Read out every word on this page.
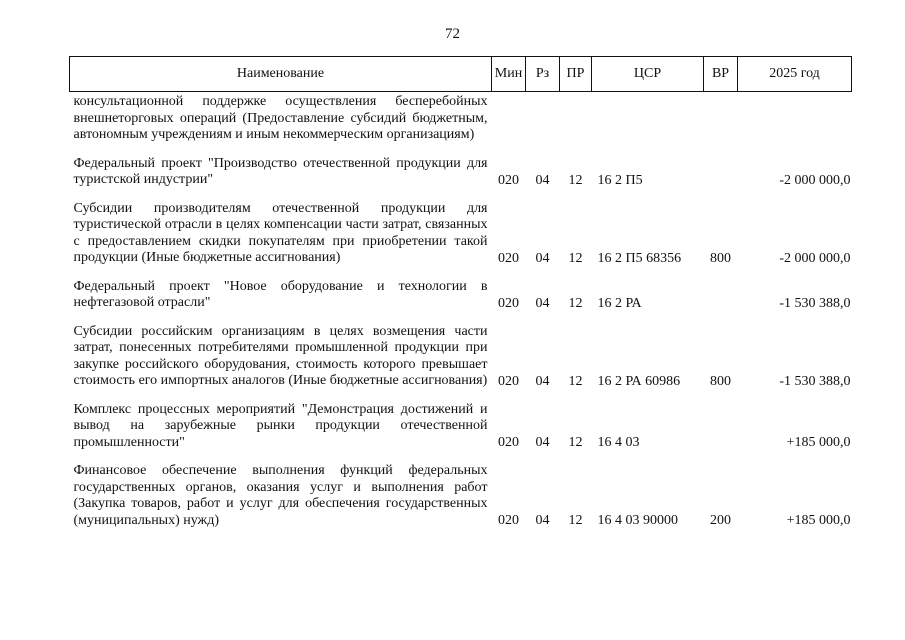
72
Наименование	Мин	Рз	ПР	ЦСР	ВР	2025 год
консультационной поддержке осуществления бесперебойных внешнеторговых операций (Предоставление субсидий бюджетным, автономным учреждениям и иным некоммерческим организациям)						
Федеральный проект "Производство отечественной продукции для туристской индустрии"	020	04	12	16 2 П5		-2 000 000,0
Субсидии производителям отечественной продукции для туристической отрасли в целях компенсации части затрат, связанных с предоставлением скидки покупателям при приобретении такой продукции (Иные бюджетные ассигнования)	020	04	12	16 2 П5 68356	800	-2 000 000,0
Федеральный проект "Новое оборудование и технологии в нефтегазовой отрасли"	020	04	12	16 2 РА		-1 530 388,0
Субсидии российским организациям в целях возмещения части затрат, понесенных потребителями промышленной продукции при закупке российского оборудования, стоимость которого превышает стоимость его импортных аналогов (Иные бюджетные ассигнования)	020	04	12	16 2 РА 60986	800	-1 530 388,0
Комплекс процессных мероприятий "Демонстрация достижений и вывод на зарубежные рынки продукции отечественной промышленности"	020	04	12	16 4 03		+185 000,0
Финансовое обеспечение выполнения функций федеральных государственных органов, оказания услуг и выполнения работ (Закупка товаров, работ и услуг для обеспечения государственных (муниципальных) нужд)	020	04	12	16 4 03 90000	200	+185 000,0
